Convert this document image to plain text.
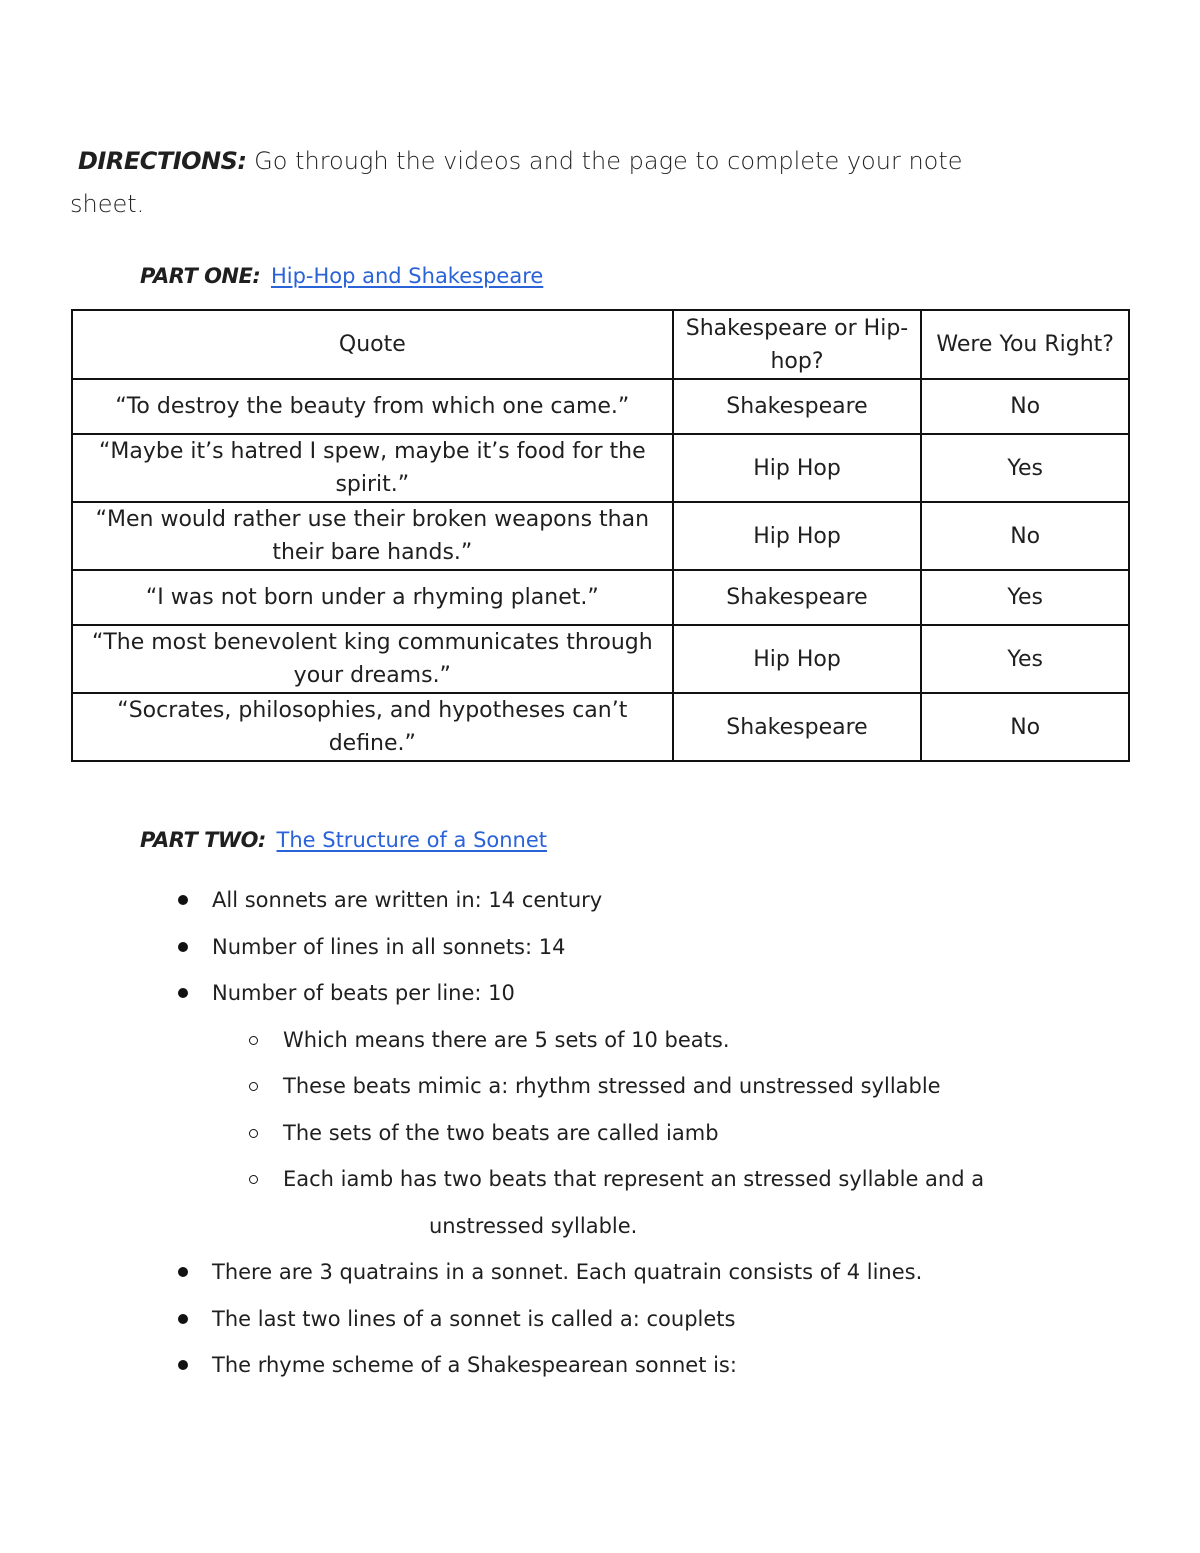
DIRECTIONS: Go through the videos and the page to complete your note sheet.
PART ONE: Hip-Hop and Shakespeare
Quote	Shakespeare or Hip-hop?	Were You Right?
“To destroy the beauty from which one came.”	Shakespeare	No
“Maybe it’s hatred I spew, maybe it’s food for the spirit.”	Hip Hop	Yes
“Men would rather use their broken weapons than their bare hands.”	Hip Hop	No
“I was not born under a rhyming planet.”	Shakespeare	Yes
“The most benevolent king communicates through your dreams.”	Hip Hop	Yes
“Socrates, philosophies, and hypotheses can’t define.”	Shakespeare	No
PART TWO: The Structure of a Sonnet
All sonnets are written in: 14 century
Number of lines in all sonnets: 14
Number of beats per line: 10
Which means there are 5 sets of 10 beats.
These beats mimic a: rhythm stressed and unstressed syllable
The sets of the two beats are called iamb
Each iamb has two beats that represent an stressed syllable and a
unstressed syllable.
There are 3 quatrains in a sonnet. Each quatrain consists of 4 lines.
The last two lines of a sonnet is called a: couplets
The rhyme scheme of a Shakespearean sonnet is:
